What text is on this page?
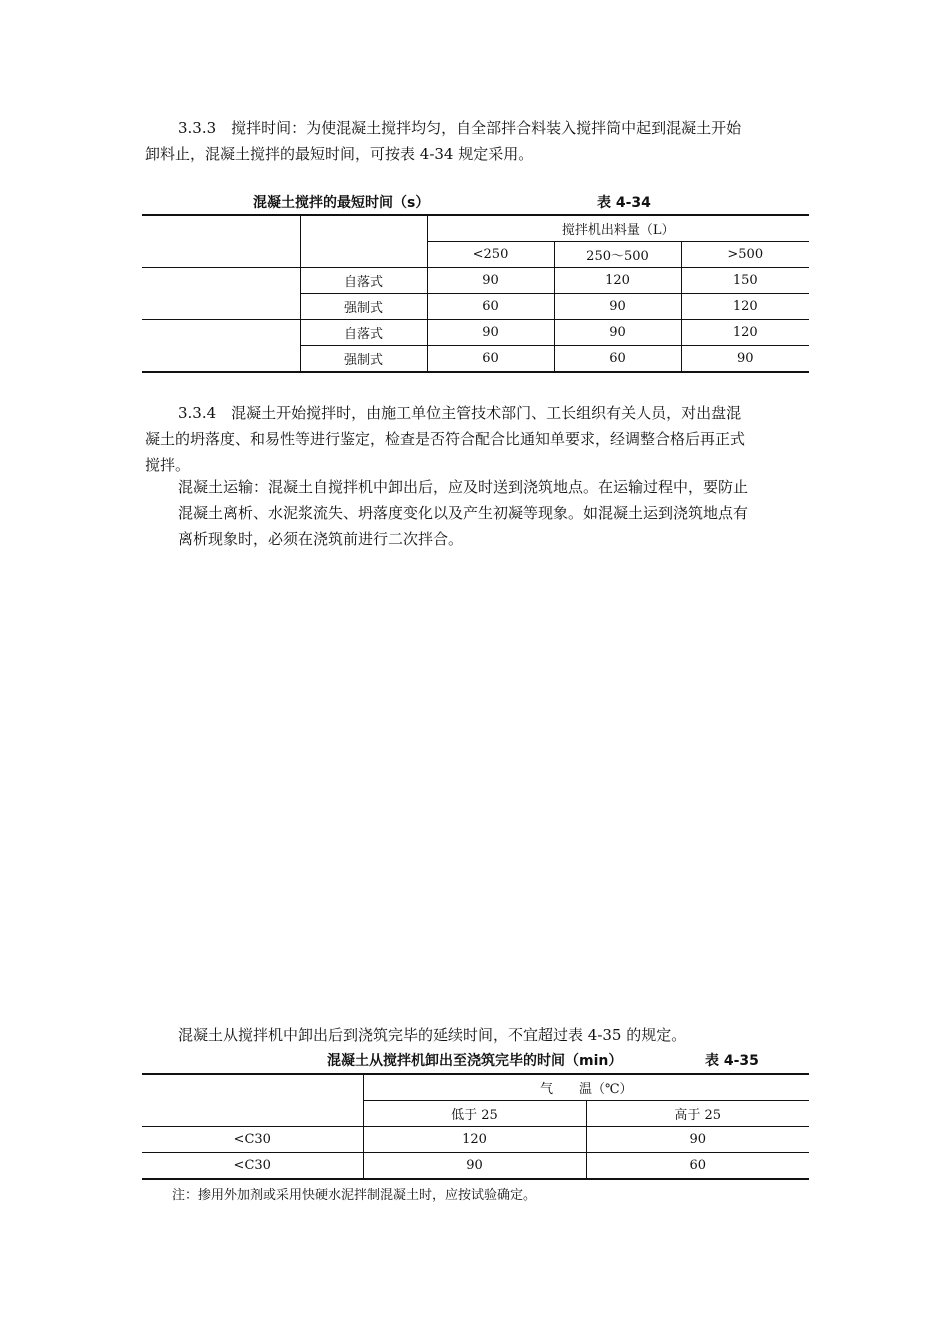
3.3.3　搅拌时间：为使混凝土搅拌均匀，自全部拌合料装入搅拌筒中起到混凝土开始
卸料止，混凝土搅拌的最短时间，可按表 4-34 规定采用。
混凝土搅拌的最短时间（s）	表 4-34
		搅拌机出料量（L）		
		<250	250～500	>500
	自落式	90	120	150
	强制式	60	90	120
	自落式	90	90	120
	强制式	60	60	90
3.3.4　混凝土开始搅拌时，由施工单位主管技术部门、工长组织有关人员，对出盘混
凝土的坍落度、和易性等进行鉴定，检查是否符合配合比通知单要求，经调整合格后再正式
搅拌。
混凝土运输：混凝土自搅拌机中卸出后，应及时送到浇筑地点。在运输过程中，要防止
混凝土离析、水泥浆流失、坍落度变化以及产生初凝等现象。如混凝土运到浇筑地点有
离析现象时，必须在浇筑前进行二次拌合。
混凝土从搅拌机中卸出后到浇筑完毕的延续时间，不宜超过表 4-35 的规定。
混凝土从搅拌机卸出至浇筑完毕的时间（min）	表 4-35
	气　　温（℃）	
	低于 25	高于 25
<C30	120	90
<C30	90	60
注：掺用外加剂或采用快硬水泥拌制混凝土时，应按试验确定。
